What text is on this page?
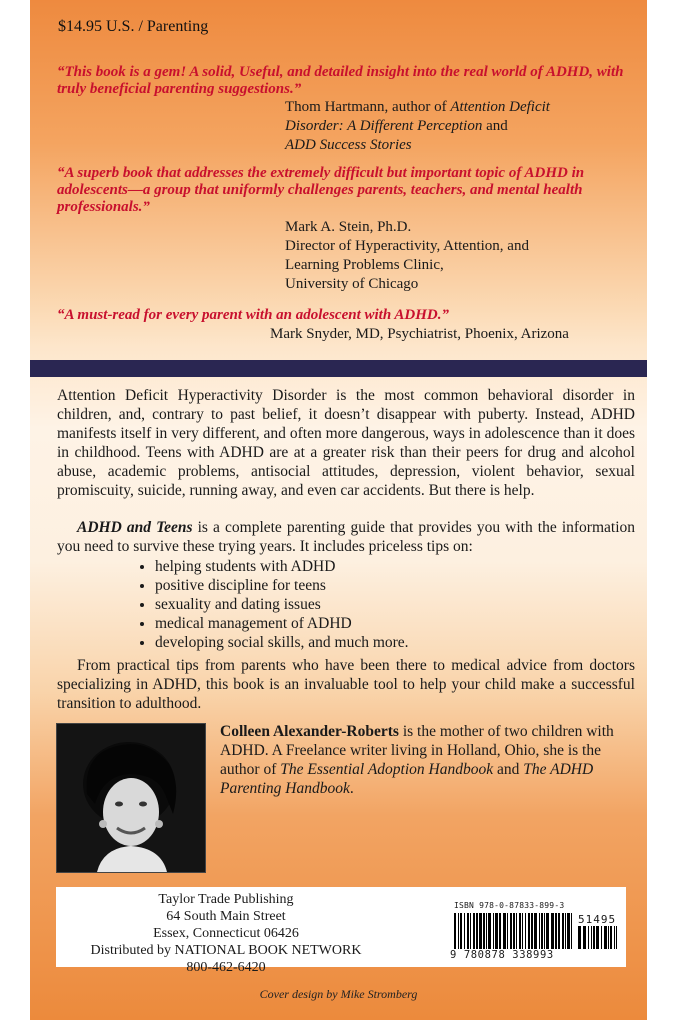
$14.95 U.S. / Parenting
“This book is a gem! A solid, Useful, and detailed insight into the real world of ADHD, with truly beneficial parenting suggestions.”
Thom Hartmann, author of Attention Deficit
Disorder: A Different Perception and
ADD Success Stories
“A superb book that addresses the extremely difficult but important topic of ADHD in adolescents—a group that uniformly challenges parents, teachers, and mental health professionals.”
Mark A. Stein, Ph.D.
Director of Hyperactivity, Attention, and
Learning Problems Clinic,
University of Chicago
“A must-read for every parent with an adolescent with ADHD.”
Mark Snyder, MD, Psychiatrist, Phoenix, Arizona
Attention Deficit Hyperactivity Disorder is the most common behavioral disorder in children, and, contrary to past belief, it doesn’t disappear with puberty. Instead, ADHD manifests itself in very different, and often more dangerous, ways in adolescence than it does in childhood. Teens with ADHD are at a greater risk than their peers for drug and alcohol abuse, academic problems, antisocial attitudes, depression, violent behavior, sexual promiscuity, suicide, running away, and even car accidents. But there is help.
ADHD and Teens is a complete parenting guide that provides you with the information you need to survive these trying years. It includes priceless tips on:
• helping students with ADHD
• positive discipline for teens
• sexuality and dating issues
• medical management of ADHD
• developing social skills, and much more.
From practical tips from parents who have been there to medical advice from doctors specializing in ADHD, this book is an invaluable tool to help your child make a successful transition to adulthood.
Colleen Alexander-Roberts is the mother of two children with ADHD. A Freelance writer living in Holland, Ohio, she is the author of The Essential Adoption Handbook and The ADHD Parenting Handbook.
Taylor Trade Publishing
64 South Main Street
Essex, Connecticut 06426
Distributed by NATIONAL BOOK NETWORK
800-462-6420
ISBN 978-0-87833-899-3
51495
9 780878 338993
Cover design by Mike Stromberg
